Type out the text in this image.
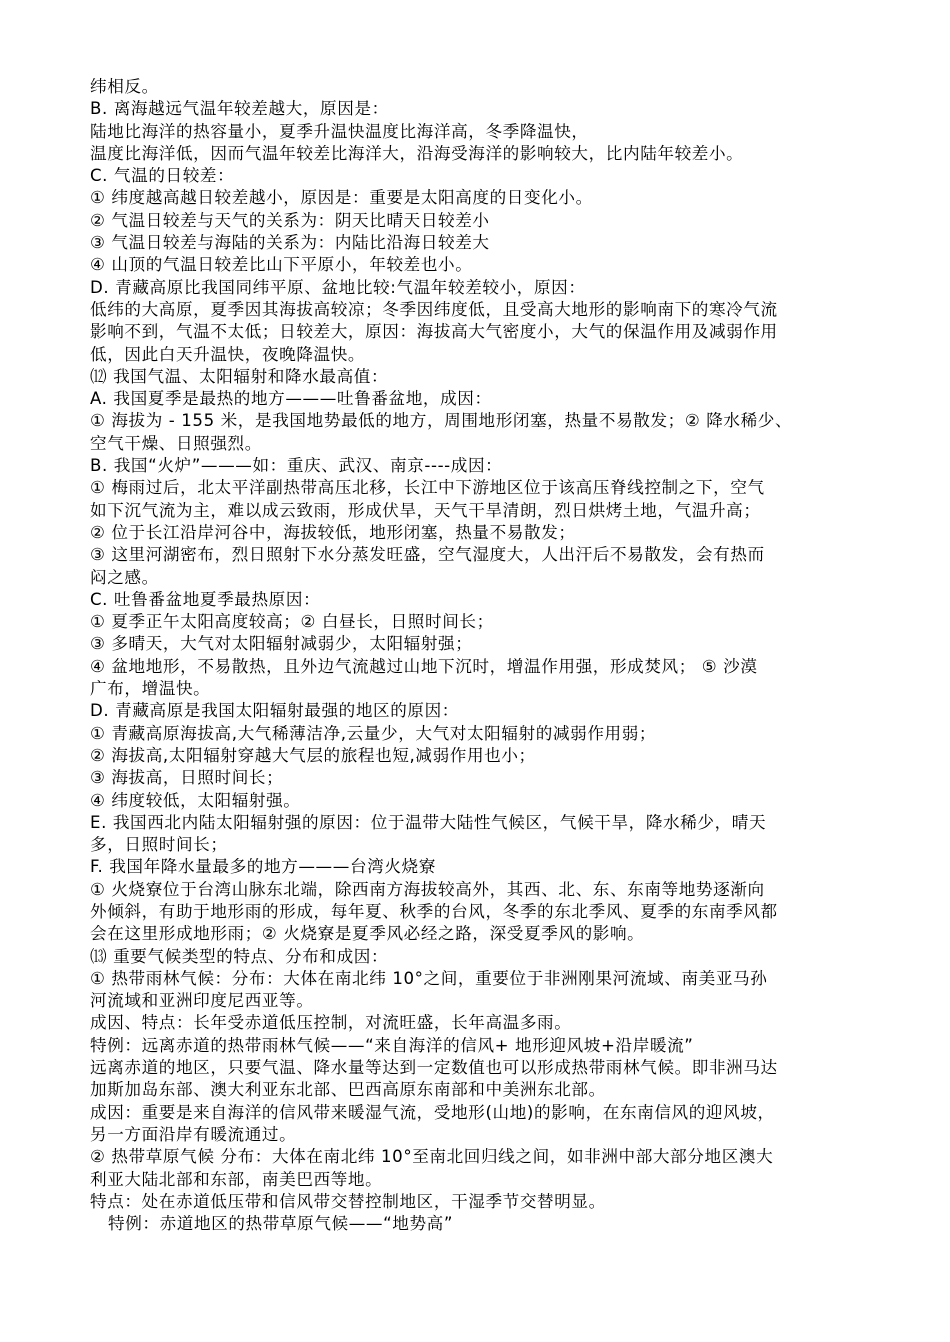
纬相反。
B. 离海越远气温年较差越大，原因是：
陆地比海洋的热容量小，夏季升温快温度比海洋高，冬季降温快，
温度比海洋低，因而气温年较差比海洋大，沿海受海洋的影响较大，比内陆年较差小。
C. 气温的日较差：
① 纬度越高越日较差越小，原因是：重要是太阳高度的日变化小。
② 气温日较差与天气的关系为：阴天比晴天日较差小
③ 气温日较差与海陆的关系为：内陆比沿海日较差大
④ 山顶的气温日较差比山下平原小，年较差也小。
D. 青藏高原比我国同纬平原、盆地比较:气温年较差较小，原因：
低纬的大高原，夏季因其海拔高较凉；冬季因纬度低，且受高大地形的影响南下的寒冷气流
影响不到，气温不太低；日较差大，原因：海拔高大气密度小，大气的保温作用及减弱作用
低，因此白天升温快，夜晚降温快。
⑿ 我国气温、太阳辐射和降水最高值：
A. 我国夏季是最热的地方———吐鲁番盆地，成因：
① 海拔为 - 155 米，是我国地势最低的地方，周围地形闭塞，热量不易散发；② 降水稀少、
空气干燥、日照强烈。
B. 我国“火炉”———如：重庆、武汉、南京----成因：
① 梅雨过后，北太平洋副热带高压北移，长江中下游地区位于该高压脊线控制之下，空气
如下沉气流为主，难以成云致雨，形成伏旱，天气干旱清朗，烈日烘烤土地，气温升高；
② 位于长江沿岸河谷中，海拔较低，地形闭塞，热量不易散发；
③ 这里河湖密布，烈日照射下水分蒸发旺盛，空气湿度大，人出汗后不易散发，会有热而
闷之感。
C. 吐鲁番盆地夏季最热原因：
① 夏季正午太阳高度较高；② 白昼长，日照时间长；
③ 多晴天，大气对太阳辐射减弱少，太阳辐射强；
④ 盆地地形，不易散热，且外边气流越过山地下沉时，增温作用强，形成焚风； ⑤ 沙漠
广布，增温快。
D. 青藏高原是我国太阳辐射最强的地区的原因：
① 青藏高原海拔高,大气稀薄洁净,云量少，大气对太阳辐射的减弱作用弱；
② 海拔高,太阳辐射穿越大气层的旅程也短,减弱作用也小；
③ 海拔高，日照时间长；
④ 纬度较低，太阳辐射强。
E. 我国西北内陆太阳辐射强的原因：位于温带大陆性气候区，气候干旱，降水稀少，晴天
多，日照时间长；
F. 我国年降水量最多的地方———台湾火烧寮
① 火烧寮位于台湾山脉东北端，除西南方海拔较高外，其西、北、东、东南等地势逐渐向
外倾斜，有助于地形雨的形成，每年夏、秋季的台风，冬季的东北季风、夏季的东南季风都
会在这里形成地形雨；② 火烧寮是夏季风必经之路，深受夏季风的影响。
⒀ 重要气候类型的特点、分布和成因：
① 热带雨林气候：分布：大体在南北纬 10°之间，重要位于非洲刚果河流域、南美亚马孙
河流域和亚洲印度尼西亚等。
成因、特点：长年受赤道低压控制，对流旺盛，长年高温多雨。
特例：远离赤道的热带雨林气候——“来自海洋的信风+ 地形迎风坡+沿岸暖流”
远离赤道的地区，只要气温、降水量等达到一定数值也可以形成热带雨林气候。即非洲马达
加斯加岛东部、澳大利亚东北部、巴西高原东南部和中美洲东北部。
成因：重要是来自海洋的信风带来暖湿气流，受地形(山地)的影响，在东南信风的迎风坡，
另一方面沿岸有暖流通过。
② 热带草原气候 分布：大体在南北纬 10°至南北回归线之间，如非洲中部大部分地区澳大
利亚大陆北部和东部，南美巴西等地。
特点：处在赤道低压带和信风带交替控制地区，干湿季节交替明显。
特例：赤道地区的热带草原气候——“地势高”
